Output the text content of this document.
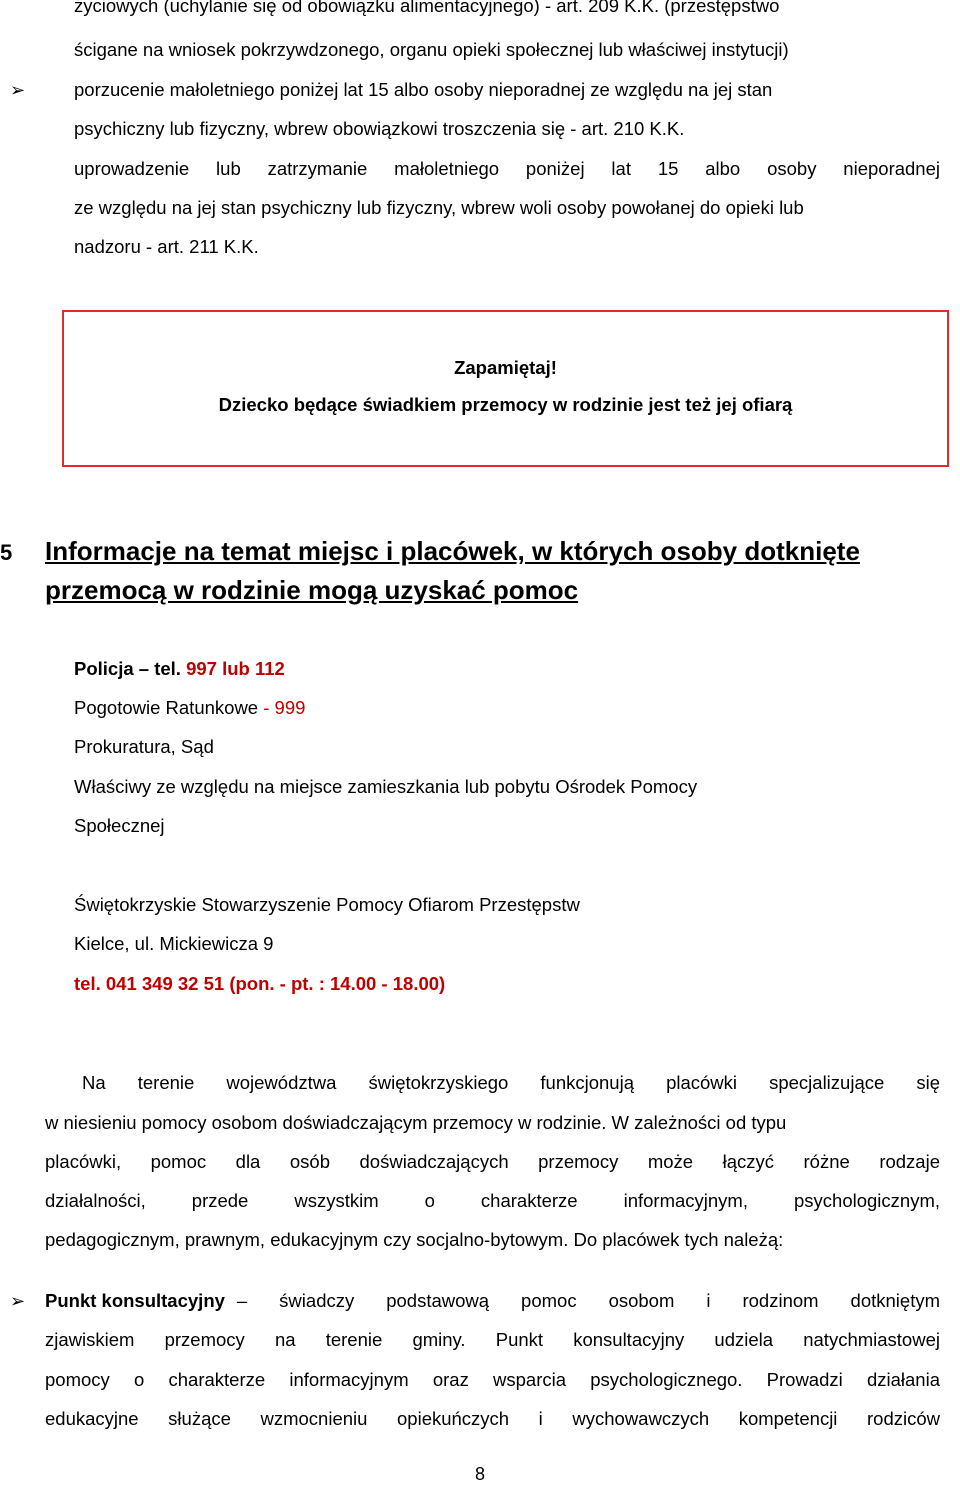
życiowych (uchylanie się od obowiązku alimentacyjnego) - art. 209 K.K. (przestępstwo
ścigane na wniosek pokrzywdzonego, organu opieki społecznej lub właściwej instytucji)
➢	porzucenie małoletniego poniżej lat 15 albo osoby nieporadnej ze względu na jej stan
psychiczny lub fizyczny, wbrew obowiązkowi troszczenia się - art. 210 K.K.
uprowadzenie lub zatrzymanie małoletniego poniżej lat 15 albo osoby nieporadnej
ze względu na jej stan psychiczny lub fizyczny, wbrew woli osoby powołanej do opieki lub
nadzoru - art. 211 K.K.
Zapamiętaj!
Dziecko będące świadkiem przemocy w rodzinie jest też jej ofiarą
5 Informacje na temat miejsc i placówek, w których osoby dotknięte
przemocą w rodzinie mogą uzyskać pomoc
Policja – tel. 997 lub 112
Pogotowie Ratunkowe - 999
Prokuratura, Sąd
Właściwy ze względu na miejsce zamieszkania lub pobytu Ośrodek Pomocy
Społecznej
Świętokrzyskie Stowarzyszenie Pomocy Ofiarom Przestępstw
Kielce, ul. Mickiewicza 9
tel. 041 349 32 51 (pon. - pt. : 14.00 - 18.00)
Na terenie województwa świętokrzyskiego funkcjonują placówki specjalizujące się
w niesieniu pomocy osobom doświadczającym przemocy w rodzinie. W zależności od typu
placówki, pomoc dla osób doświadczających przemocy może łączyć różne rodzaje
działalności, przede wszystkim o charakterze informacyjnym, psychologicznym,
pedagogicznym, prawnym, edukacyjnym czy socjalno-bytowym. Do placówek tych należą:
➢ Punkt konsultacyjny – świadczy podstawową pomoc osobom i rodzinom dotkniętym
zjawiskiem przemocy na terenie gminy. Punkt konsultacyjny udziela natychmiastowej
pomocy o charakterze informacyjnym oraz wsparcia psychologicznego. Prowadzi działania
edukacyjne służące wzmocnieniu opiekuńczych i wychowawczych kompetencji rodziców
8
